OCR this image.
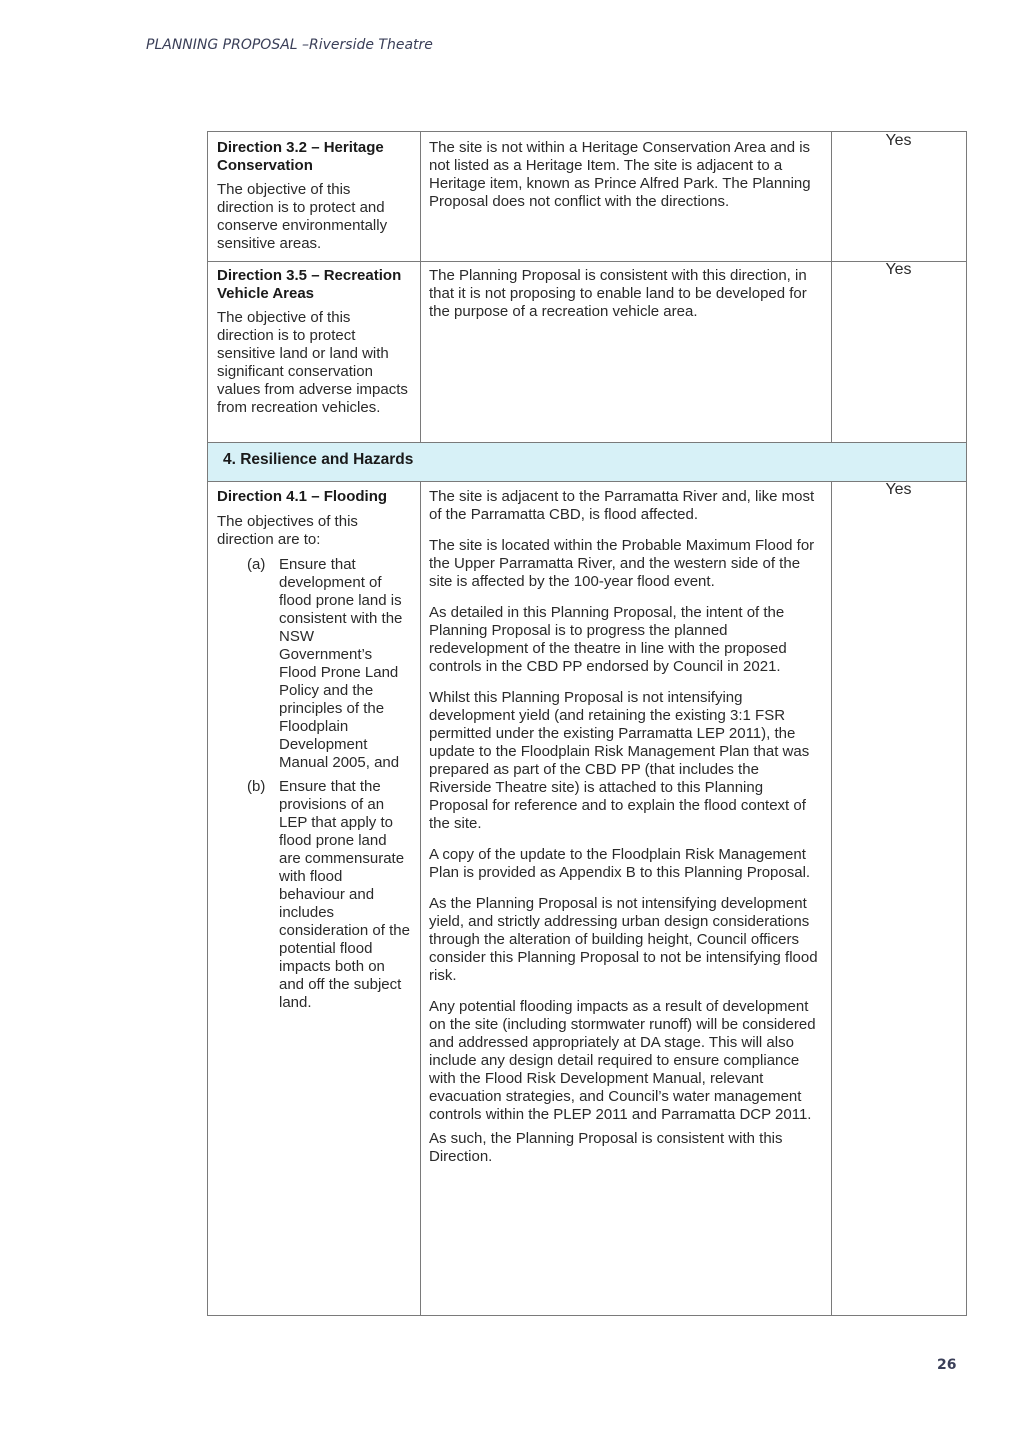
PLANNING PROPOSAL –Riverside Theatre
Direction 3.2 – Heritage Conservation

The objective of this direction is to protect and conserve environmentally sensitive areas.

The site is not within a Heritage Conservation Area and is not listed as a Heritage Item. The site is adjacent to a Heritage item, known as Prince Alfred Park. The Planning Proposal does not conflict with the directions.

Yes
Direction 3.5 – Recreation Vehicle Areas

The objective of this direction is to protect sensitive land or land with significant conservation values from adverse impacts from recreation vehicles.

The Planning Proposal is consistent with this direction, in that it is not proposing to enable land to be developed for the purpose of a recreation vehicle area.

Yes
4. Resilience and Hazards
Direction 4.1 – Flooding

The objectives of this direction are to:

(a) Ensure that development of flood prone land is consistent with the NSW Government’s Flood Prone Land Policy and the principles of the Floodplain Development Manual 2005, and
(b) Ensure that the provisions of an LEP that apply to flood prone land are commensurate with flood behaviour and includes consideration of the potential flood impacts both on and off the subject land.

The site is adjacent to the Parramatta River and, like most of the Parramatta CBD, is flood affected.

The site is located within the Probable Maximum Flood for the Upper Parramatta River, and the western side of the site is affected by the 100-year flood event.

As detailed in this Planning Proposal, the intent of the Planning Proposal is to progress the planned redevelopment of the theatre in line with the proposed controls in the CBD PP endorsed by Council in 2021.

Whilst this Planning Proposal is not intensifying development yield (and retaining the existing 3:1 FSR permitted under the existing Parramatta LEP 2011), the update to the Floodplain Risk Management Plan that was prepared as part of the CBD PP (that includes the Riverside Theatre site) is attached to this Planning Proposal for reference and to explain the flood context of the site.

A copy of the update to the Floodplain Risk Management Plan is provided as Appendix B to this Planning Proposal.

As the Planning Proposal is not intensifying development yield, and strictly addressing urban design considerations through the alteration of building height, Council officers consider this Planning Proposal to not be intensifying flood risk.

Any potential flooding impacts as a result of development on the site (including stormwater runoff) will be considered and addressed appropriately at DA stage. This will also include any design detail required to ensure compliance with the Flood Risk Development Manual, relevant evacuation strategies, and Council’s water management controls within the PLEP 2011 and Parramatta DCP 2011.

As such, the Planning Proposal is consistent with this Direction.

Yes
26
